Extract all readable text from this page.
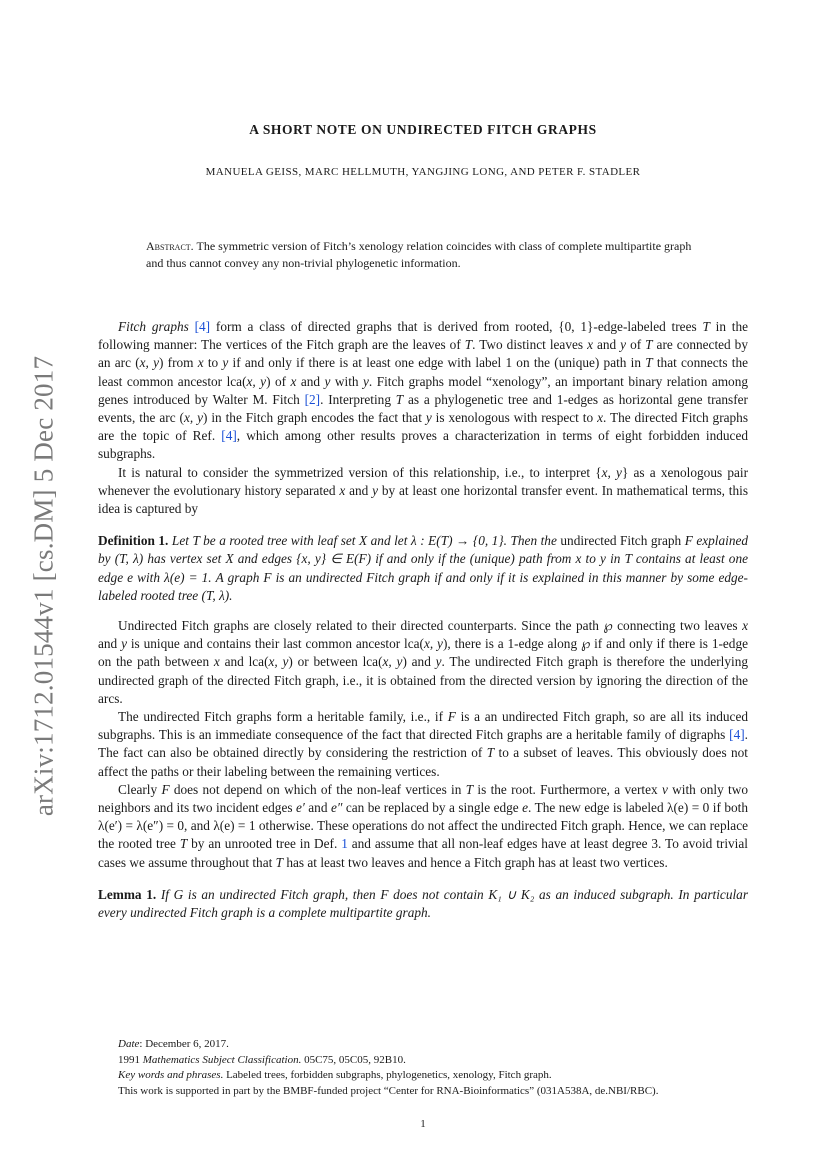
arXiv:1712.01544v1 [cs.DM] 5 Dec 2017
A SHORT NOTE ON UNDIRECTED FITCH GRAPHS
MANUELA GEISS, MARC HELLMUTH, YANGJING LONG, AND PETER F. STADLER
Abstract. The symmetric version of Fitch’s xenology relation coincides with class of complete multipartite graph and thus cannot convey any non-trivial phylogenetic information.

Fitch graphs [4] form a class of directed graphs that is derived from rooted, {0, 1}-edge-labeled trees T in the following manner: The vertices of the Fitch graph are the leaves of T. Two distinct leaves x and y of T are connected by an arc (x, y) from x to y if and only if there is at least one edge with label 1 on the (unique) path in T that connects the least common ancestor lca(x, y) of x and y with y. Fitch graphs model “xenology”, an important binary relation among genes introduced by Walter M. Fitch [2]. Interpreting T as a phylogenetic tree and 1-edges as horizontal gene transfer events, the arc (x, y) in the Fitch graph encodes the fact that y is xenologous with respect to x. The directed Fitch graphs are the topic of Ref. [4], which among other results proves a characterization in terms of eight forbidden induced subgraphs.

It is natural to consider the symmetrized version of this relationship, i.e., to interpret {x, y} as a xenologous pair whenever the evolutionary history separated x and y by at least one horizontal transfer event. In mathematical terms, this idea is captured by

Definition 1. Let T be a rooted tree with leaf set X and let λ : E(T) → {0, 1}. Then the undirected Fitch graph F explained by (T, λ) has vertex set X and edges {x, y} ∈ E(F) if and only if the (unique) path from x to y in T contains at least one edge e with λ(e) = 1. A graph F is an undirected Fitch graph if and only if it is explained in this manner by some edge-labeled rooted tree (T, λ).

Undirected Fitch graphs are closely related to their directed counterparts. Since the path ℘ connecting two leaves x and y is unique and contains their last common ancestor lca(x, y), there is a 1-edge along ℘ if and only if there is 1-edge on the path between x and lca(x, y) or between lca(x, y) and y. The undirected Fitch graph is therefore the underlying undirected graph of the directed Fitch graph, i.e., it is obtained from the directed version by ignoring the direction of the arcs.

The undirected Fitch graphs form a heritable family, i.e., if F is a an undirected Fitch graph, so are all its induced subgraphs. This is an immediate consequence of the fact that directed Fitch graphs are a heritable family of digraphs [4]. The fact can also be obtained directly by considering the restriction of T to a subset of leaves. This obviously does not affect the paths or their labeling between the remaining vertices.

Clearly F does not depend on which of the non-leaf vertices in T is the root. Furthermore, a vertex v with only two neighbors and its two incident edges e′ and e″ can be replaced by a single edge e. The new edge is labeled λ(e) = 0 if both λ(e′) = λ(e″) = 0, and λ(e) = 1 otherwise. These operations do not affect the undirected Fitch graph. Hence, we can replace the rooted tree T by an unrooted tree in Def. 1 and assume that all non-leaf edges have at least degree 3. To avoid trivial cases we assume throughout that T has at least two leaves and hence a Fitch graph has at least two vertices.

Lemma 1. If G is an undirected Fitch graph, then F does not contain K₁ ∪ K₂ as an induced subgraph. In particular every undirected Fitch graph is a complete multipartite graph.

Date: December 6, 2017.
1991 Mathematics Subject Classification. 05C75, 05C05, 92B10.
Key words and phrases. Labeled trees, forbidden subgraphs, phylogenetics, xenology, Fitch graph.
This work is supported in part by the BMBF-funded project “Center for RNA-Bioinformatics” (031A538A, de.NBI/RBC).
1
